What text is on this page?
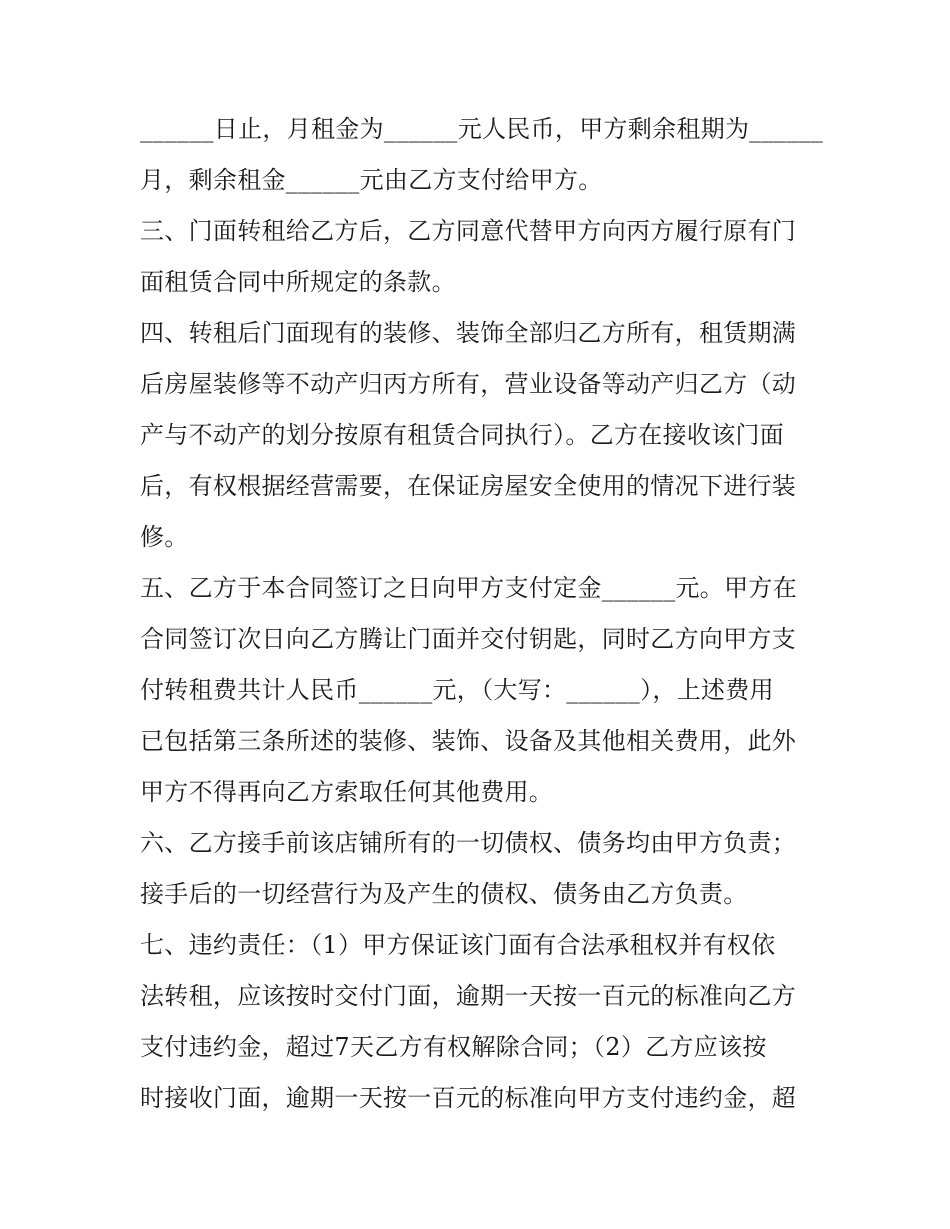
______日止，月租金为______元人民币，甲方剩余租期为______
月，剩余租金______元由乙方支付给甲方。
三、门面转租给乙方后，乙方同意代替甲方向丙方履行原有门
面租赁合同中所规定的条款。
四、转租后门面现有的装修、装饰全部归乙方所有，租赁期满
后房屋装修等不动产归丙方所有，营业设备等动产归乙方（动
产与不动产的划分按原有租赁合同执行）。乙方在接收该门面
后，有权根据经营需要，在保证房屋安全使用的情况下进行装
修。
五、乙方于本合同签订之日向甲方支付定金______元。甲方在
合同签订次日向乙方腾让门面并交付钥匙，同时乙方向甲方支
付转租费共计人民币______元，（大写：______），上述费用
已包括第三条所述的装修、装饰、设备及其他相关费用，此外
甲方不得再向乙方索取任何其他费用。
六、乙方接手前该店铺所有的一切债权、债务均由甲方负责；
接手后的一切经营行为及产生的债权、债务由乙方负责。
七、违约责任：（1）甲方保证该门面有合法承租权并有权依
法转租，应该按时交付门面，逾期一天按一百元的标准向乙方
支付违约金，超过7天乙方有权解除合同；（2）乙方应该按
时接收门面，逾期一天按一百元的标准向甲方支付违约金，超
